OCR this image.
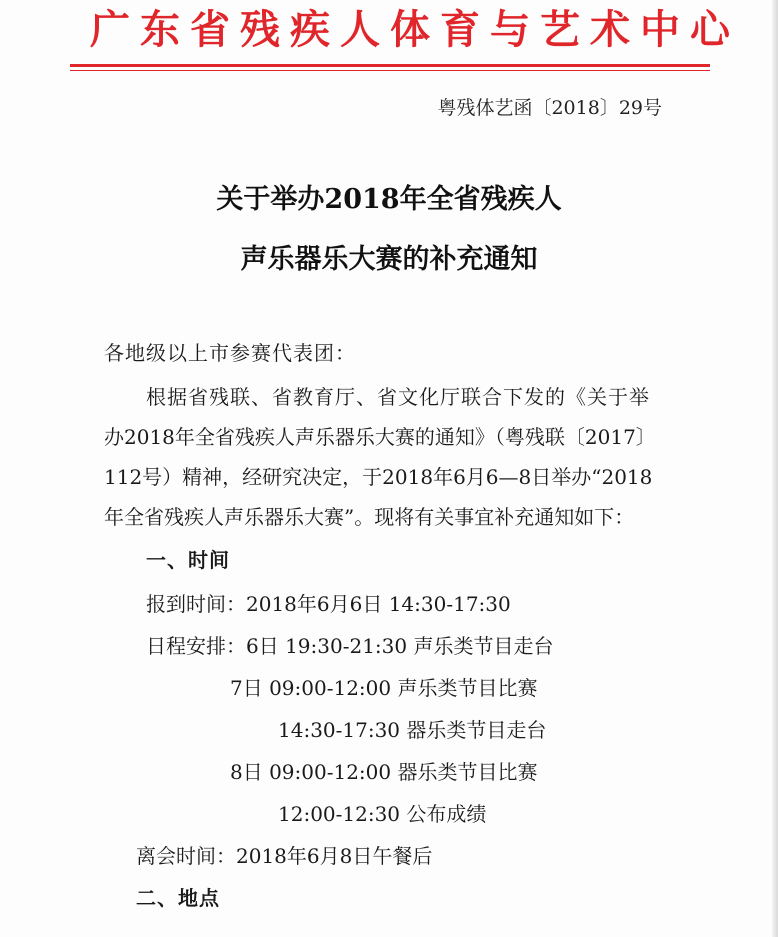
广东省残疾人体育与艺术中心
粤残体艺函〔2018〕29号
关于举办2018年全省残疾人
声乐器乐大赛的补充通知
各地级以上市参赛代表团：
根据省残联、省教育厅、省文化厅联合下发的《关于举
办2018年全省残疾人声乐器乐大赛的通知》（粤残联〔2017〕
112号）精神，经研究决定，于2018年6月6—8日举办“2018
年全省残疾人声乐器乐大赛”。现将有关事宜补充通知如下：
一、时间
报到时间：2018年6月6日 14:30-17:30
日程安排：6日 19:30-21:30 声乐类节目走台
7日 09:00-12:00 声乐类节目比赛
14:30-17:30 器乐类节目走台
8日 09:00-12:00 器乐类节目比赛
12:00-12:30 公布成绩
离会时间：2018年6月8日午餐后
二、地点
